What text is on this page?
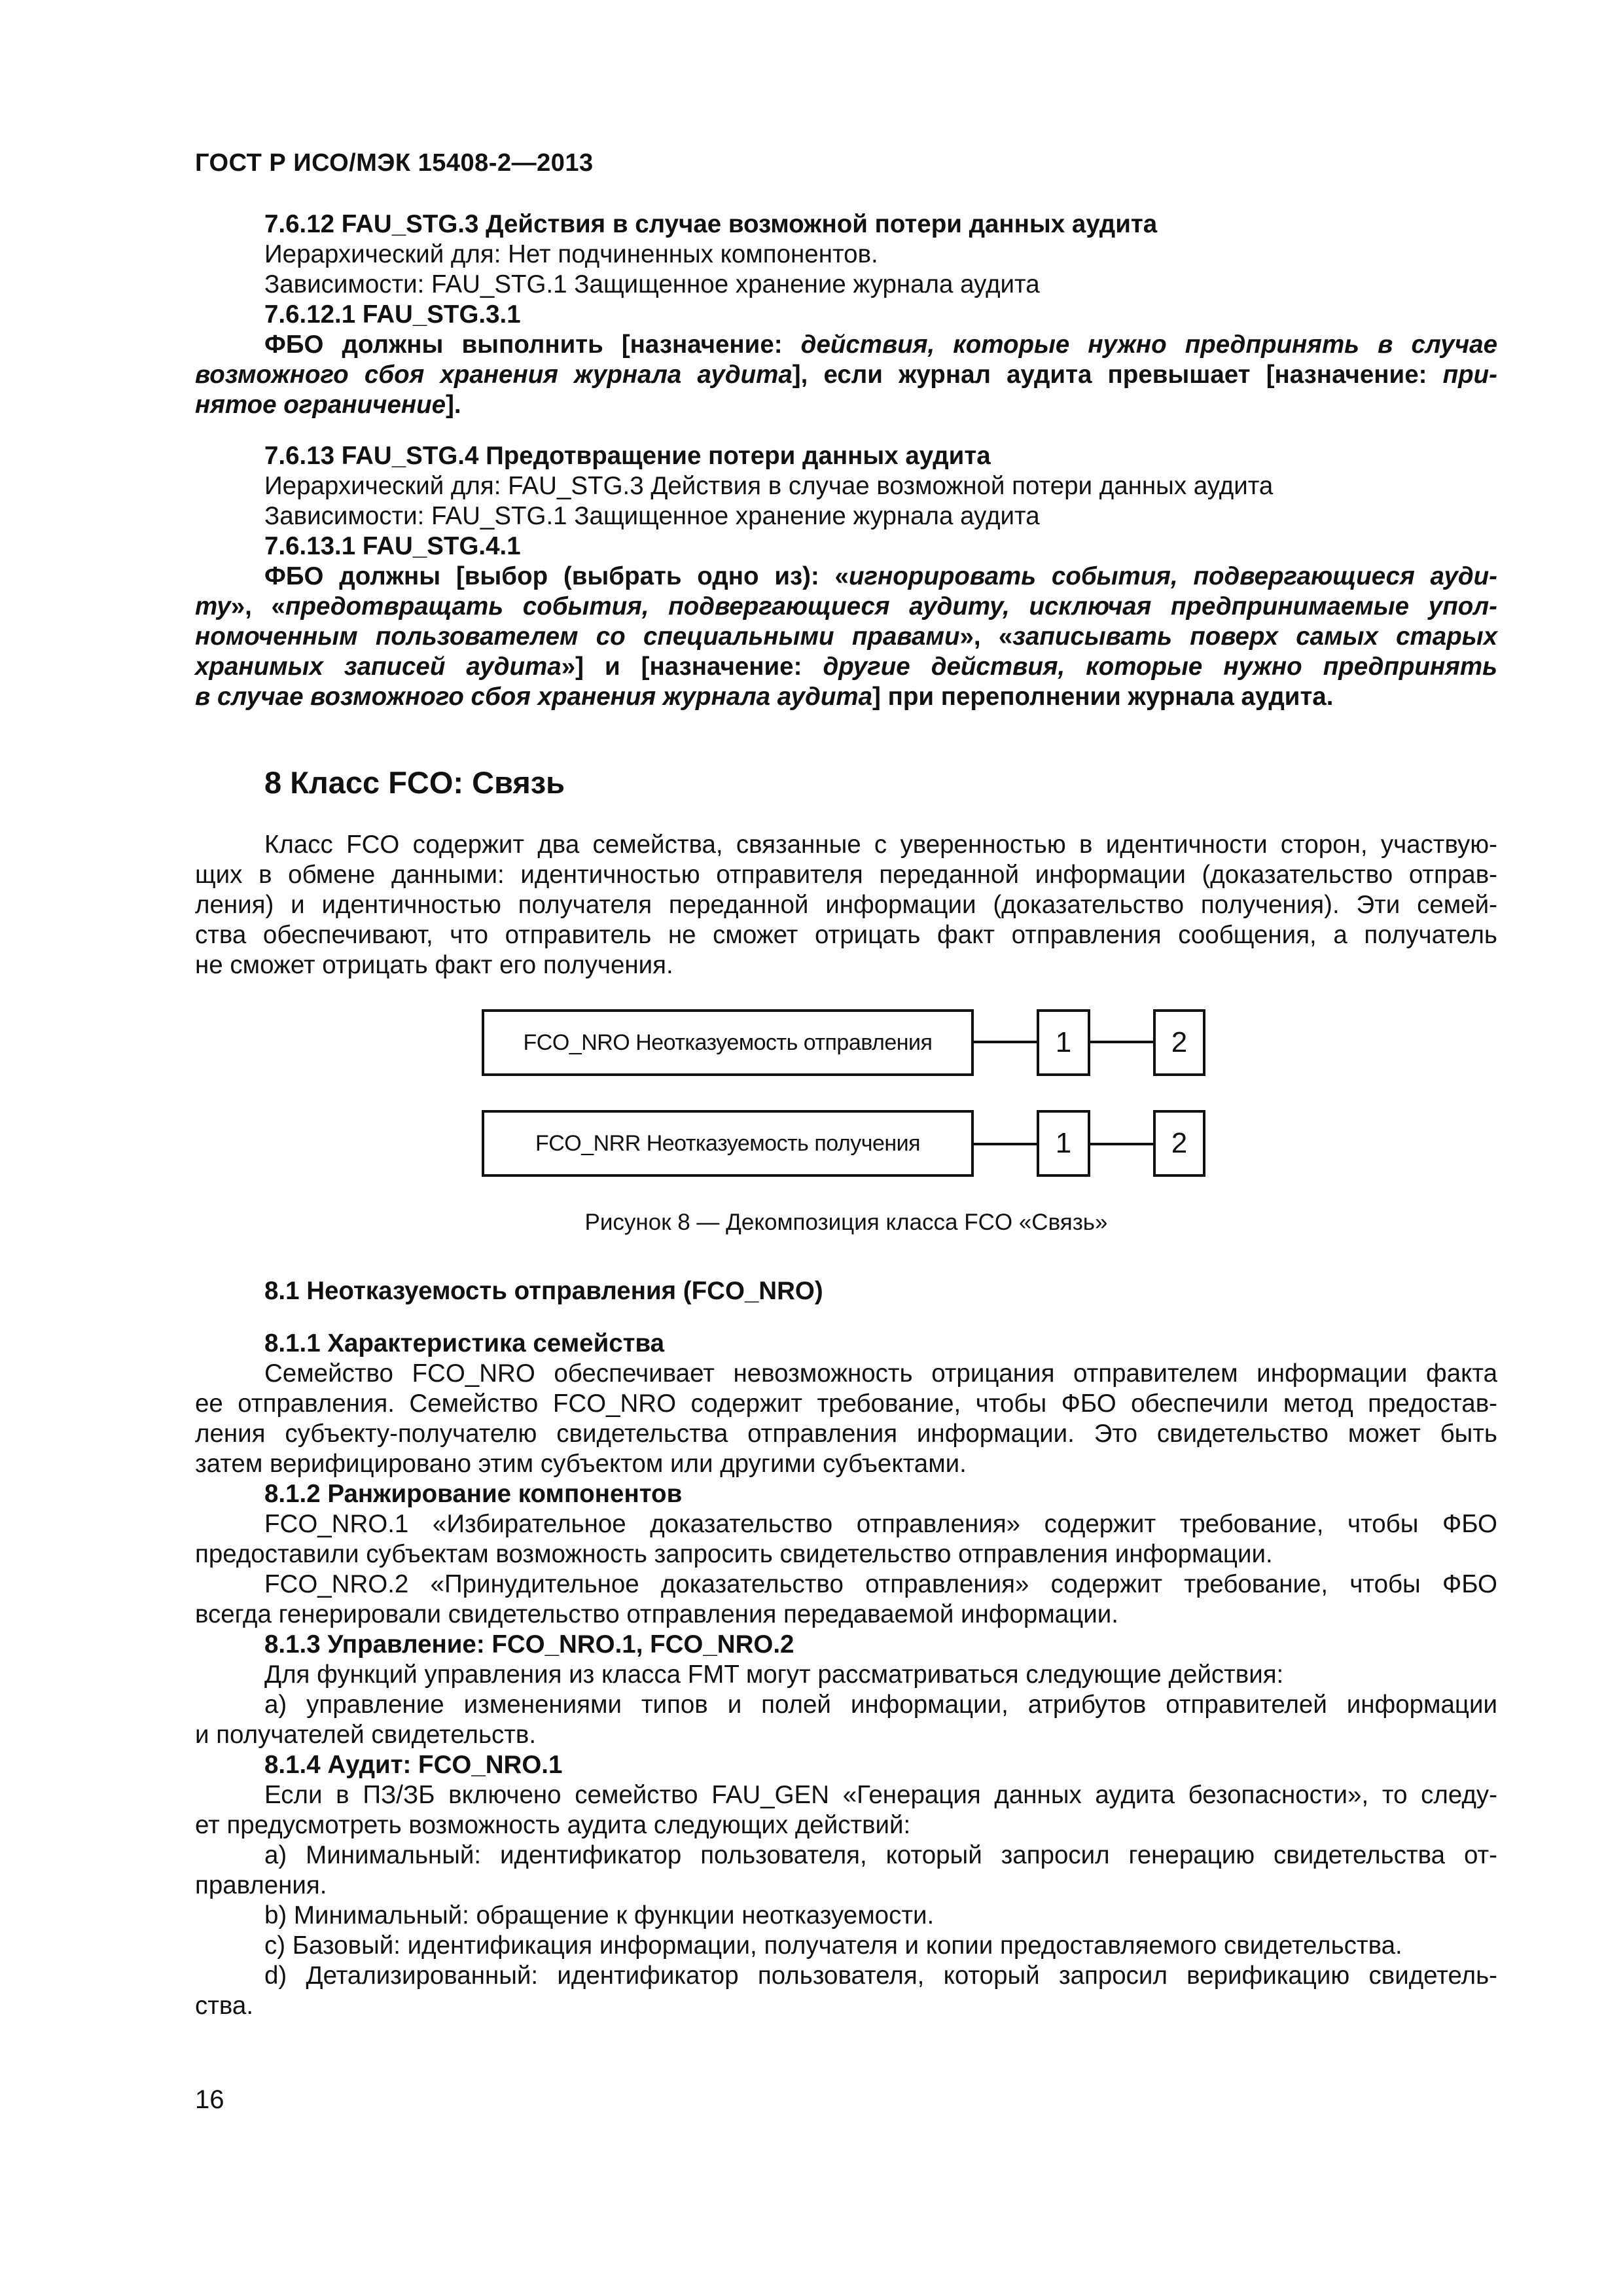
ГОСТ Р ИСО/МЭК 15408-2—2013
7.6.12 FAU_STG.3 Действия в случае возможной потери данных аудита
Иерархический для: Нет подчиненных компонентов.
Зависимости: FAU_STG.1 Защищенное хранение журнала аудита
7.6.12.1 FAU_STG.3.1
ФБО должны выполнить [назначение: действия, которые нужно предпринять в случае
возможного сбоя хранения журнала аудита], если журнал аудита превышает [назначение: при-
нятое ограничение].
7.6.13 FAU_STG.4 Предотвращение потери данных аудита
Иерархический для: FAU_STG.3 Действия в случае возможной потери данных аудита
Зависимости: FAU_STG.1 Защищенное хранение журнала аудита
7.6.13.1 FAU_STG.4.1
ФБО должны [выбор (выбрать одно из): «игнорировать события, подвергающиеся ауди-
ту», «предотвращать события, подвергающиеся аудиту, исключая предпринимаемые упол-
номоченным пользователем со специальными правами», «записывать поверх самых старых
хранимых записей аудита»] и [назначение: другие действия, которые нужно предпринять
в случае возможного сбоя хранения журнала аудита] при переполнении журнала аудита.
8 Класс FCO: Связь
Класс FCO содержит два семейства, связанные с уверенностью в идентичности сторон, участвую-
щих в обмене данными: идентичностью отправителя переданной информации (доказательство отправ-
ления) и идентичностью получателя переданной информации (доказательство получения). Эти семей-
ства обеспечивают, что отправитель не сможет отрицать факт отправления сообщения, а получатель
не сможет отрицать факт его получения.
FCO_NRO Неотказуемость отправления	1	2
FCO_NRR Неотказуемость получения	1	2
Рисунок 8 — Декомпозиция класса FCO «Связь»
8.1 Неотказуемость отправления (FCO_NRO)
8.1.1 Характеристика семейства
Семейство FCO_NRO обеспечивает невозможность отрицания отправителем информации факта
ее отправления. Семейство FCO_NRO содержит требование, чтобы ФБО обеспечили метод предостав-
ления субъекту-получателю свидетельства отправления информации. Это свидетельство может быть
затем верифицировано этим субъектом или другими субъектами.
8.1.2 Ранжирование компонентов
FCO_NRO.1 «Избирательное доказательство отправления» содержит требование, чтобы ФБО
предоставили субъектам возможность запросить свидетельство отправления информации.
FCO_NRO.2 «Принудительное доказательство отправления» содержит требование, чтобы ФБО
всегда генерировали свидетельство отправления передаваемой информации.
8.1.3 Управление: FCO_NRO.1, FCO_NRO.2
Для функций управления из класса FMT могут рассматриваться следующие действия:
а) управление изменениями типов и полей информации, атрибутов отправителей информации
и получателей свидетельств.
8.1.4 Аудит: FCO_NRO.1
Если в ПЗ/ЗБ включено семейство FAU_GEN «Генерация данных аудита безопасности», то следу-
ет предусмотреть возможность аудита следующих действий:
a) Минимальный: идентификатор пользователя, который запросил генерацию свидетельства от-
правления.
b) Минимальный: обращение к функции неотказуемости.
c) Базовый: идентификация информации, получателя и копии предоставляемого свидетельства.
d) Детализированный: идентификатор пользователя, который запросил верификацию свидетель-
ства.
16
